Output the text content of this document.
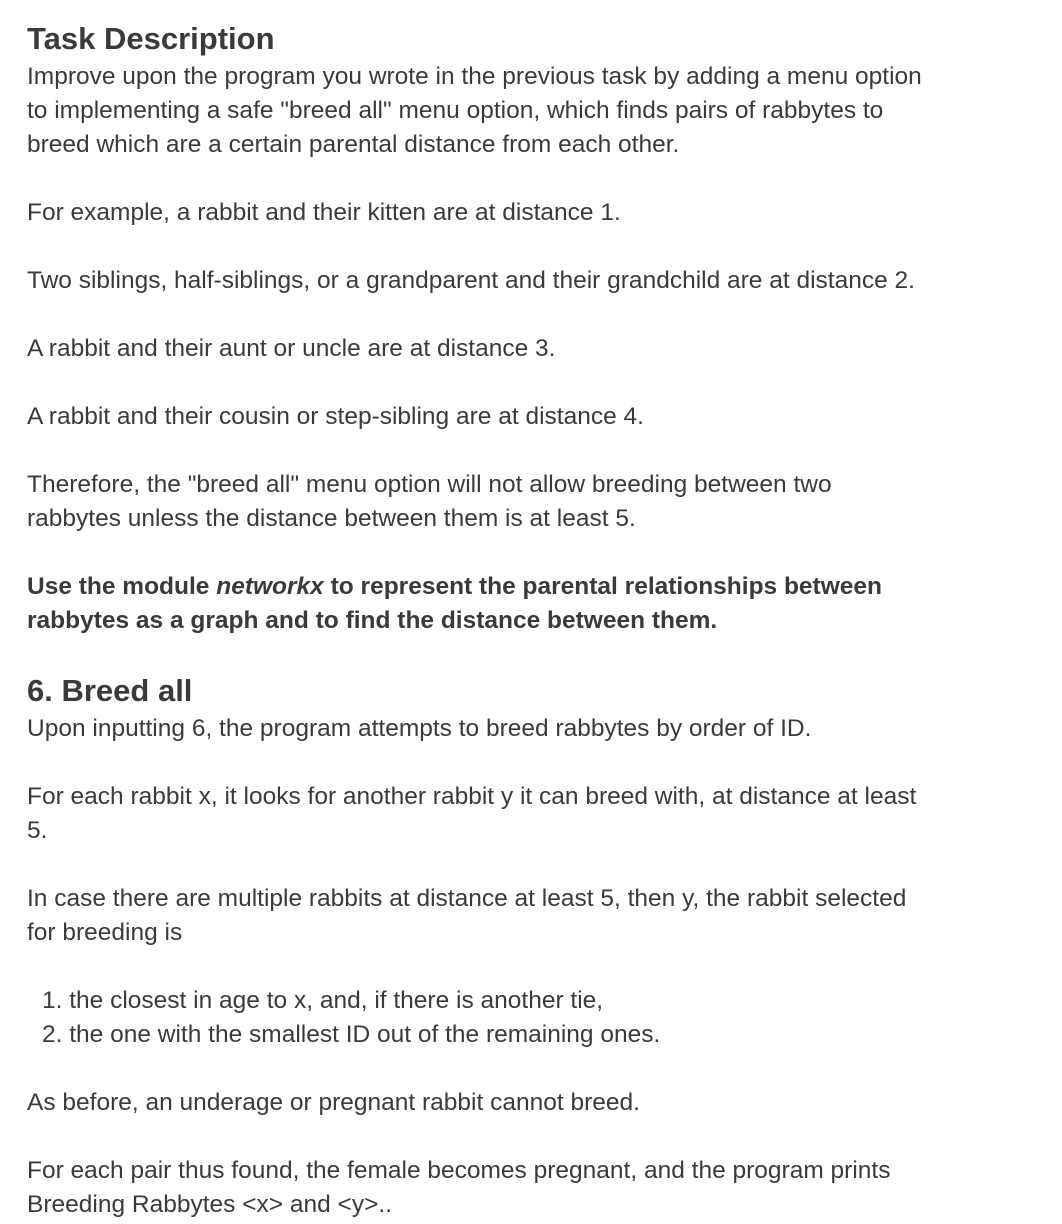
Task Description

Improve upon the program you wrote in the previous task by adding a menu option

to implementing a safe "breed all" menu option, which finds pairs of rabbytes to

breed which are a certain parental distance from each other.

For example, a rabbit and their kitten are at distance 1.

Two siblings, half-siblings, or a grandparent and their grandchild are at distance 2.

A rabbit and their aunt or uncle are at distance 3.

A rabbit and their cousin or step-sibling are at distance 4.

Therefore, the "breed all" menu option will not allow breeding between two

rabbytes unless the distance between them is at least 5.

Use the module networkx to represent the parental relationships between

rabbytes as a graph and to find the distance between them.

6. Breed all

Upon inputting 6, the program attempts to breed rabbytes by order of ID.

For each rabbit x, it looks for another rabbit y it can breed with, at distance at least

5.

In case there are multiple rabbits at distance at least 5, then y, the rabbit selected

for breeding is

1. the closest in age to x, and, if there is another tie,
2. the one with the smallest ID out of the remaining ones.

As before, an underage or pregnant rabbit cannot breed.

For each pair thus found, the female becomes pregnant, and the program prints

Breeding Rabbytes <x> and <y>..
